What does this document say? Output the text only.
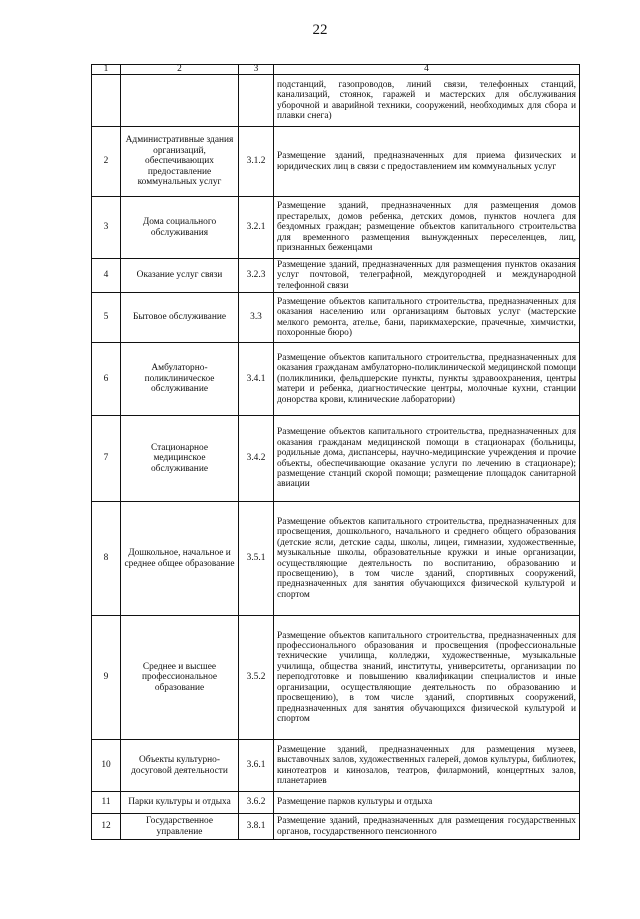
22
1	2	3	4
			подстанций, газопроводов, линий связи, телефонных станций, канализаций, стоянок, гаражей и мастерских для обслуживания уборочной и аварийной техники, сооружений, необходимых для сбора и плавки снега)
2	Административные здания организаций, обеспечивающих предоставление коммунальных услуг	3.1.2	Размещение зданий, предназначенных для приема физических и юридических лиц в связи с предоставлением им коммунальных услуг
3	Дома социального обслуживания	3.2.1	Размещение зданий, предназначенных для размещения домов престарелых, домов ребенка, детских домов, пунктов ночлега для бездомных граждан; размещение объектов капитального строительства для временного размещения вынужденных переселенцев, лиц, признанных беженцами
4	Оказание услуг связи	3.2.3	Размещение зданий, предназначенных для размещения пунктов оказания услуг почтовой, телеграфной, междугородней и международной телефонной связи
5	Бытовое обслуживание	3.3	Размещение объектов капитального строительства, предназначенных для оказания населению или организациям бытовых услуг (мастерские мелкого ремонта, ателье, бани, парикмахерские, прачечные, химчистки, похоронные бюро)
6	Амбулаторно-поликлиническое обслуживание	3.4.1	Размещение объектов капитального строительства, предназначенных для оказания гражданам амбулаторно-поликлинической медицинской помощи (поликлиники, фельдшерские пункты, пункты здравоохранения, центры матери и ребенка, диагностические центры, молочные кухни, станции донорства крови, клинические лаборатории)
7	Стационарное медицинское обслуживание	3.4.2	Размещение объектов капитального строительства, предназначенных для оказания гражданам медицинской помощи в стационарах (больницы, родильные дома, диспансеры, научно-медицинские учреждения и прочие объекты, обеспечивающие оказание услуги по лечению в стационаре); размещение станций скорой помощи; размещение площадок санитарной авиации
8	Дошкольное, начальное и среднее общее образование	3.5.1	Размещение объектов капитального строительства, предназначенных для просвещения, дошкольного, начального и среднего общего образования (детские ясли, детские сады, школы, лицеи, гимназии, художественные, музыкальные школы, образовательные кружки и иные организации, осуществляющие деятельность по воспитанию, образованию и просвещению), в том числе зданий, спортивных сооружений, предназначенных для занятия обучающихся физической культурой и спортом
9	Среднее и высшее профессиональное образование	3.5.2	Размещение объектов капитального строительства, предназначенных для профессионального образования и просвещения (профессиональные технические училища, колледжи, художественные, музыкальные училища, общества знаний, институты, университеты, организации по переподготовке и повышению квалификации специалистов и иные организации, осуществляющие деятельность по образованию и просвещению), в том числе зданий, спортивных сооружений, предназначенных для занятия обучающихся физической культурой и спортом
10	Объекты культурно-досуговой деятельности	3.6.1	Размещение зданий, предназначенных для размещения музеев, выставочных залов, художественных галерей, домов культуры, библиотек, кинотеатров и кинозалов, театров, филармоний, концертных залов, планетариев
11	Парки культуры и отдыха	3.6.2	Размещение парков культуры и отдыха
12	Государственное управление	3.8.1	Размещение зданий, предназначенных для размещения государственных органов, государственного пенсионного
